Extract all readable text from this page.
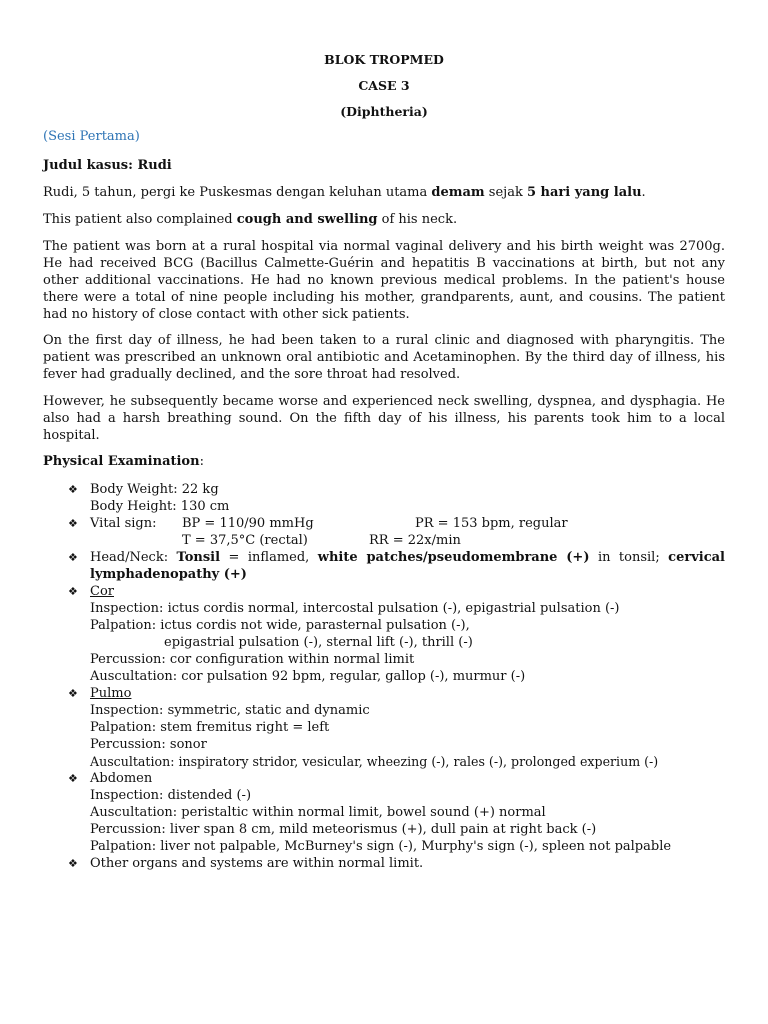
BLOK TROPMED
CASE 3
(Diphtheria)
(Sesi Pertama)
Judul kasus: Rudi
Rudi, 5 tahun, pergi ke Puskesmas dengan keluhan utama demam sejak 5 hari yang lalu.
This patient also complained cough and swelling of his neck.
The patient was born at a rural hospital via normal vaginal delivery and his birth weight was 2700g. He had received BCG (Bacillus Calmette-Guérin and hepatitis B vaccinations at birth, but not any other additional vaccinations. He had no known previous medical problems. In the patient's house there were a total of nine people including his mother, grandparents, aunt, and cousins. The patient had no history of close contact with other sick patients.
On the first day of illness, he had been taken to a rural clinic and diagnosed with pharyngitis. The patient was prescribed an unknown oral antibiotic and Acetaminophen. By the third day of illness, his fever had gradually declined, and the sore throat had resolved.
However, he subsequently became worse and experienced neck swelling, dyspnea, and dysphagia. He also had a harsh breathing sound. On the fifth day of his illness, his parents took him to a local hospital.
Physical Examination:
❖ Body Weight: 22 kg
Body Height: 130 cm
❖ Vital sign: BP = 110/90 mmHg	PR = 153 bpm, regular
T = 37,5°C (rectal)	RR = 22x/min
❖ Head/Neck: Tonsil = inflamed, white patches/pseudomembrane (+) in tonsil; cervical
lymphadenopathy (+)
❖ Cor
Inspection: ictus cordis normal, intercostal pulsation (-), epigastrial pulsation (-)
Palpation: ictus cordis not wide, parasternal pulsation (-),
epigastrial pulsation (-), sternal lift (-), thrill (-)
Percussion: cor configuration within normal limit
Auscultation: cor pulsation 92 bpm, regular, gallop (-), murmur (-)
❖ Pulmo
Inspection: symmetric, static and dynamic
Palpation: stem fremitus right = left
Percussion: sonor
Auscultation: inspiratory stridor, vesicular, wheezing (-), rales (-), prolonged experium (-)
❖ Abdomen
Inspection: distended (-)
Auscultation: peristaltic within normal limit, bowel sound (+) normal
Percussion: liver span 8 cm, mild meteorismus (+), dull pain at right back (-)
Palpation: liver not palpable, McBurney's sign (-), Murphy's sign (-), spleen not palpable
❖ Other organs and systems are within normal limit.
